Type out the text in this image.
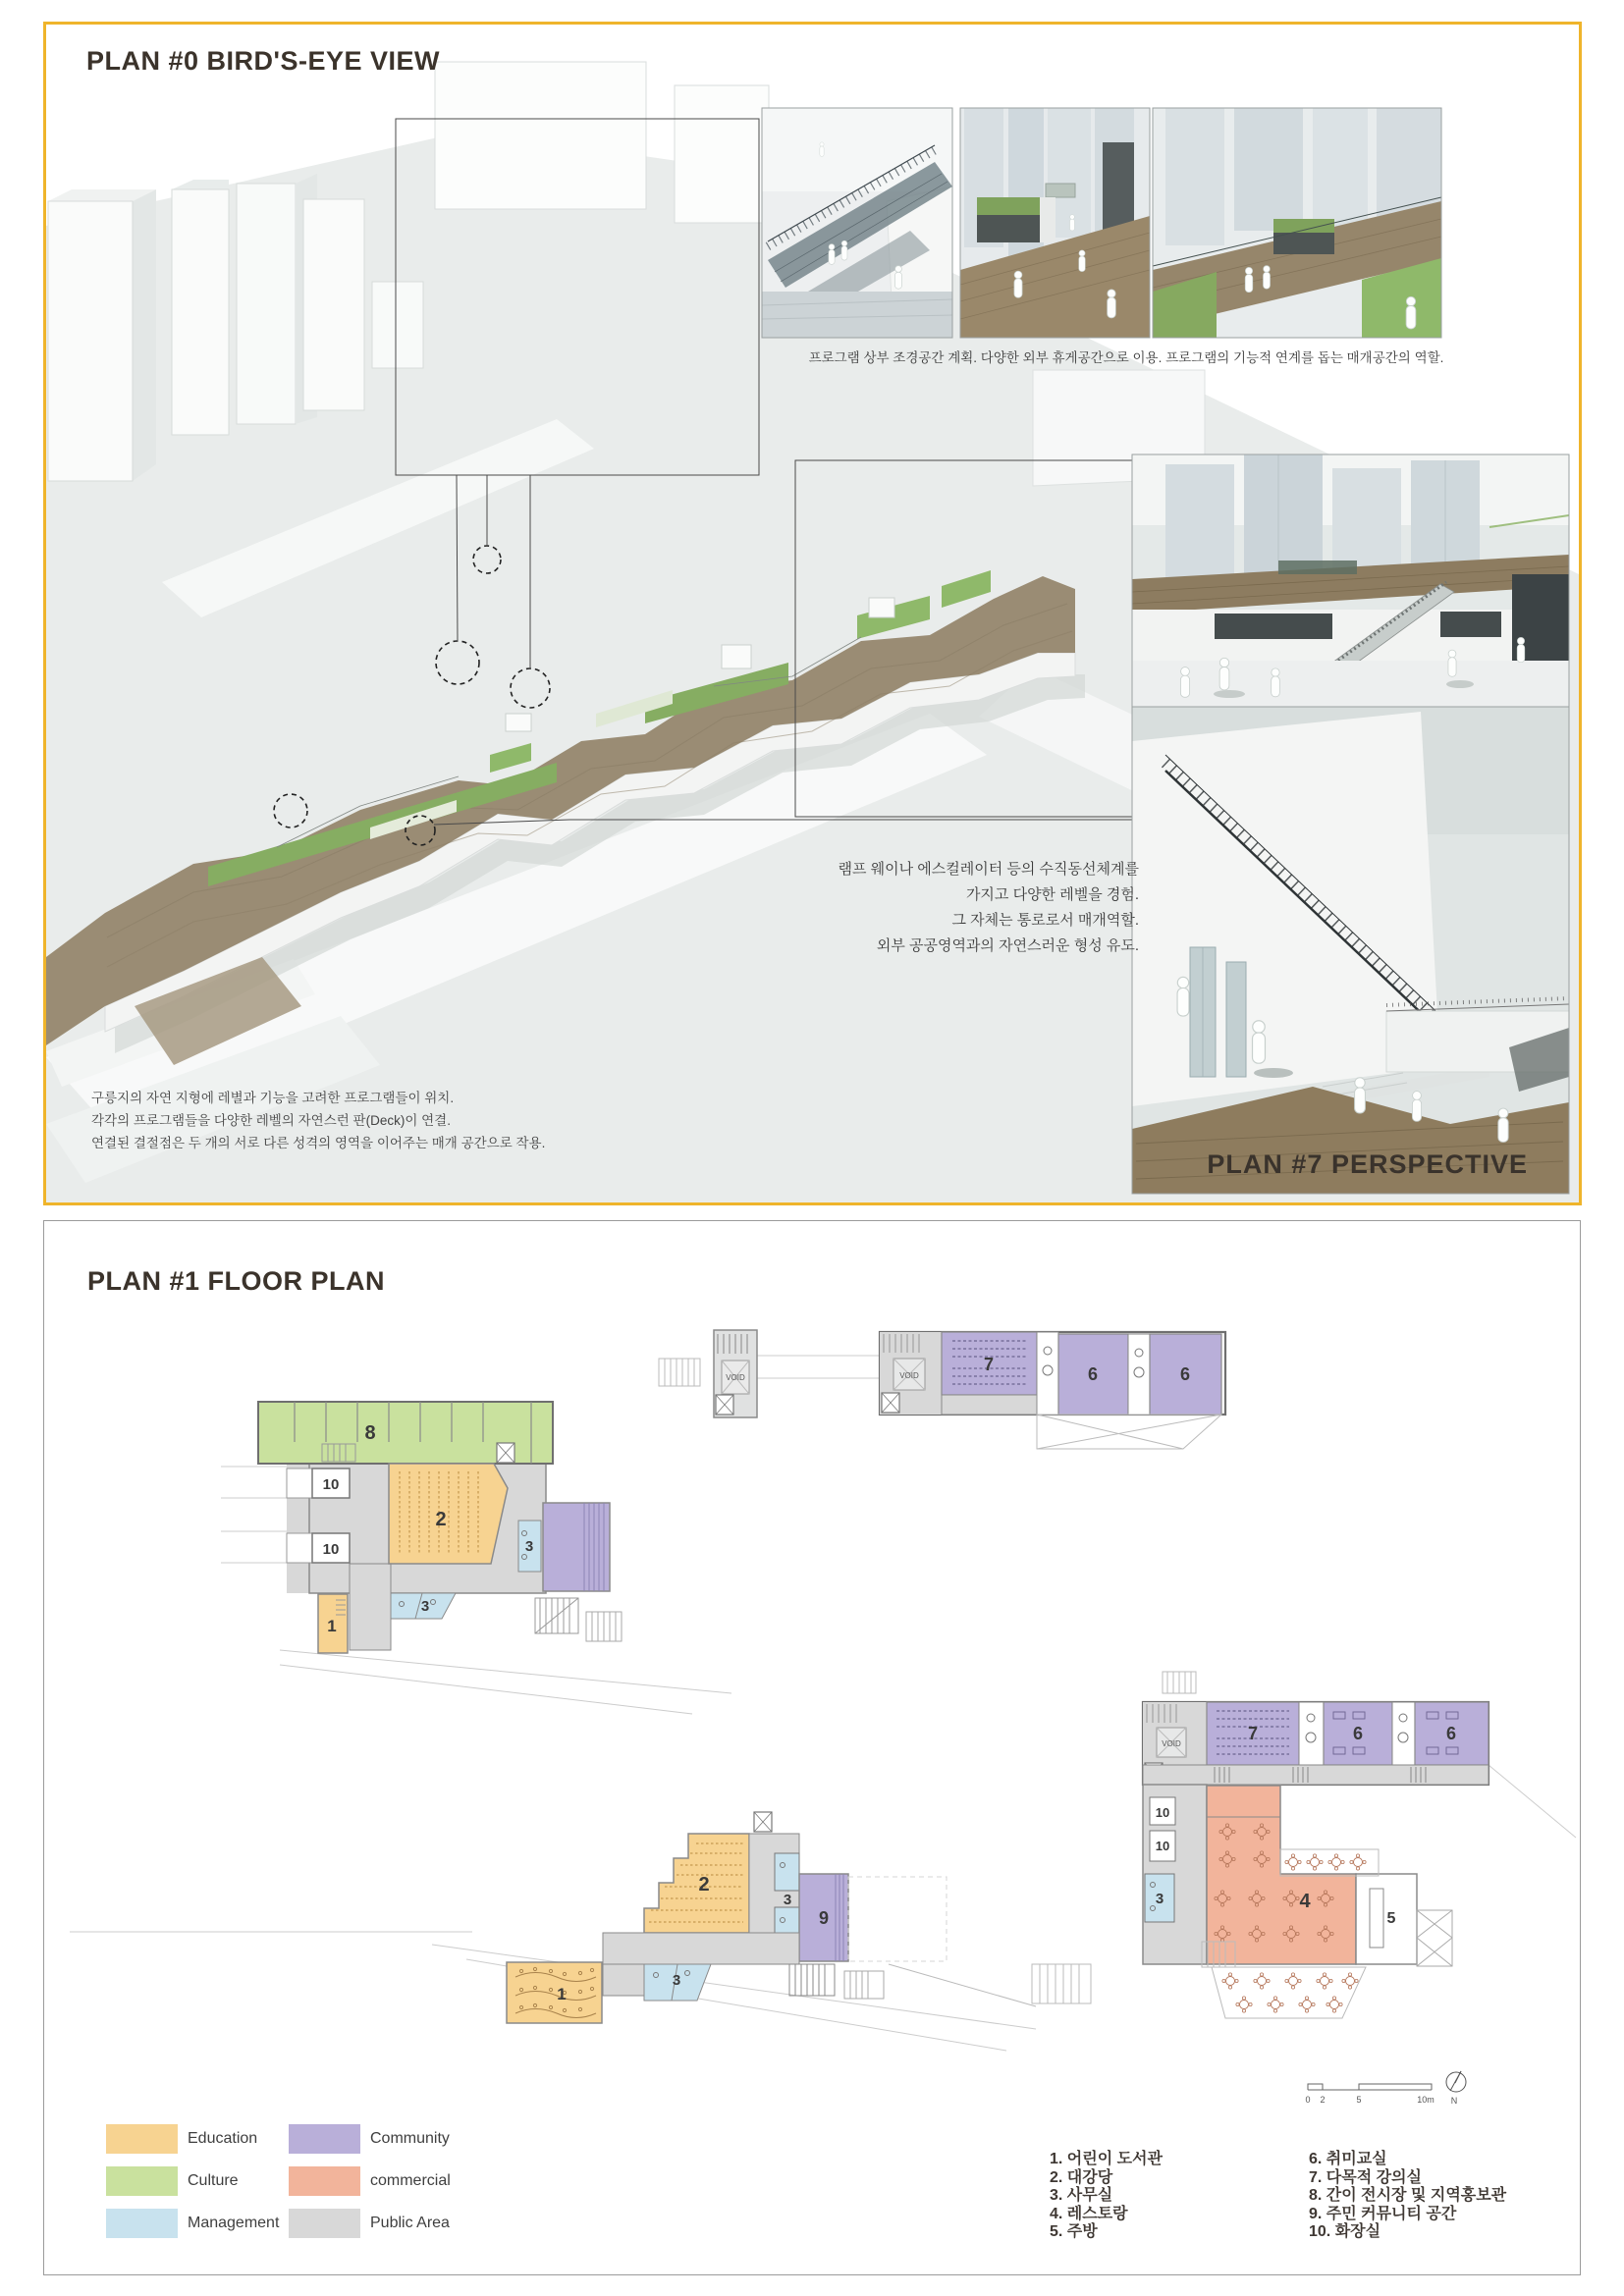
PLAN #0 BIRD'S-EYE VIEW
프로그램 상부 조경공간 계획. 다양한 외부 휴게공간으로 이용. 프로그램의 기능적 연계를 돕는 매개공간의 역할.
램프 웨이나 에스컬레이터 등의 수직동선체계를
가지고 다양한 레벨을 경험.
그 자체는 통로로서 매개역할.
외부 공공영역과의 자연스러운 형성 유도.
구릉지의 자연 지형에 레별과 기능을 고려한 프로그램들이 위치.
각각의 프로그램들을 다양한 레벨의 자연스런 판(Deck)이 연결.
연결된 결절점은 두 개의 서로 다른 성격의 영역을 이어주는 매개 공간으로 작용.
PLAN #7 PERSPECTIVE
8
2
2
4
10
10	3
3
1
7	6	6
7	6	6
10
10
3
5
3
3
1
9
VOID	VOID
VOID
0 2	5	10m N
PLAN #1 FLOOR PLAN
Education
Culture
Management
Community
commercial
Public Area
1. 어린이 도서관
2. 대강당
3. 사무실
4. 레스토랑
5. 주방
6. 취미교실
7. 다목적 강의실
8. 간이 전시장 및 지역홍보관
9. 주민 커뮤니티 공간
10. 화장실
